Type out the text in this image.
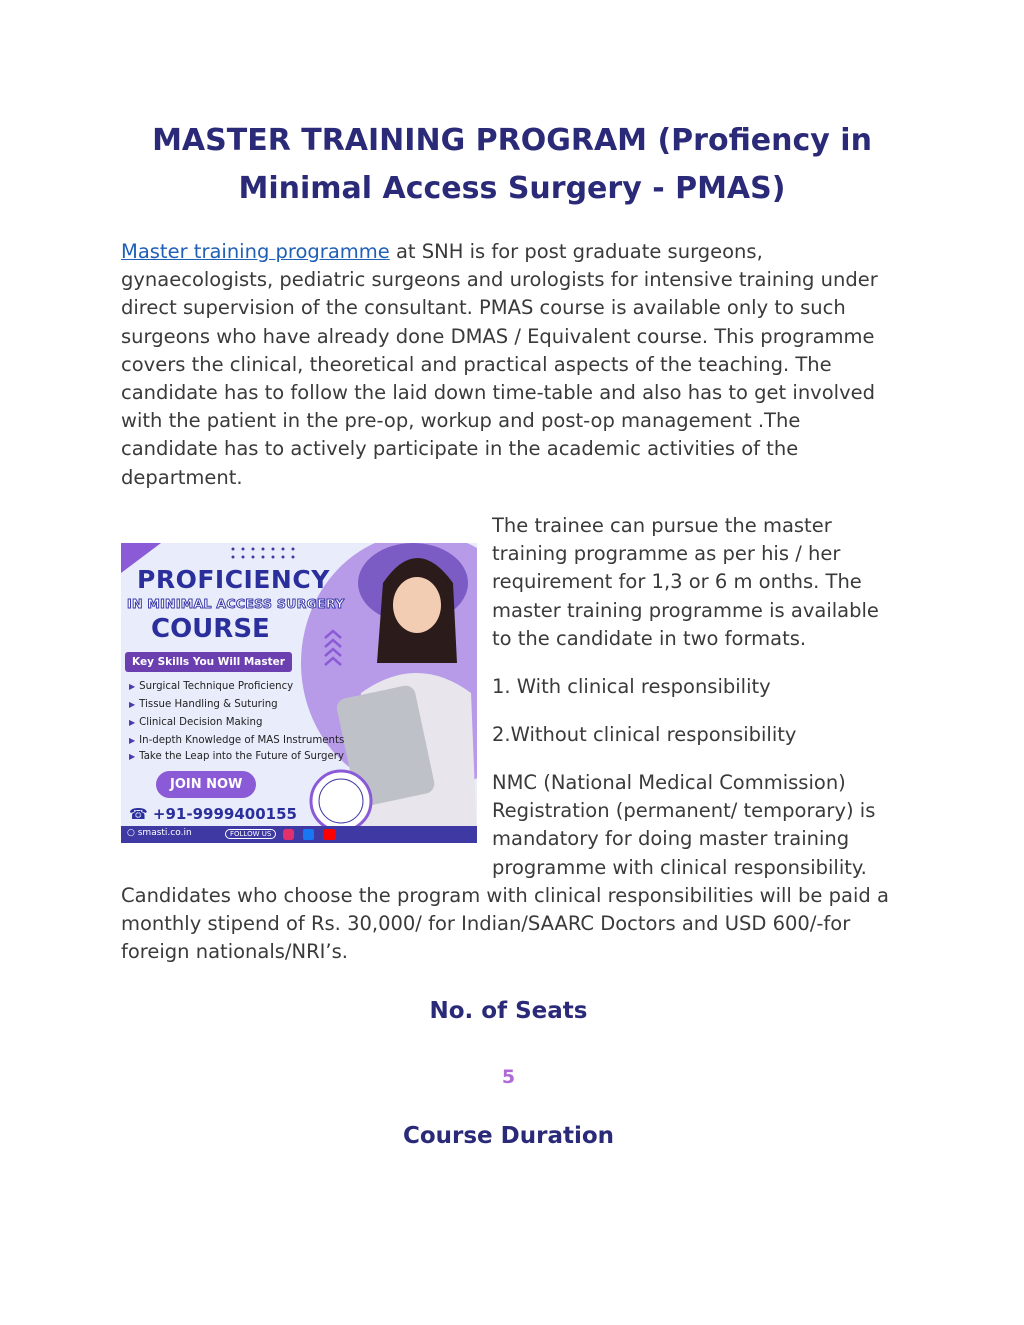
MASTER TRAINING PROGRAM (Profiency in Minimal Access Surgery - PMAS)

Master training programme at SNH is for post graduate surgeons, gynaecologists, pediatric surgeons and urologists for intensive training under direct supervision of the consultant. PMAS course is available only to such surgeons who have already done DMAS / Equivalent course. This programme covers the clinical, theoretical and practical aspects of the teaching. The candidate has to follow the laid down time-table and also has to get involved with the patient in the pre-op, workup and post-op management .The candidate has to actively participate in the academic activities of the department.

PROFICIENCY
IN MINIMAL ACCESS SURGERY
COURSE
Key Skills You Will Master
▶ Surgical Technique Proficiency
▶ Tissue Handling & Suturing
▶ Clinical Decision Making
▶ In-depth Knowledge of MAS Instruments
▶ Take the Leap into the Future of Surgery
JOIN NOW
☎ +91-9999400155
○ smasti.co.in	FOLLOW US

The trainee can pursue the master training programme as per his / her requirement for 1,3 or 6 m onths. The master training programme is available to the candidate in two formats.

1. With clinical responsibility

2.Without clinical responsibility

NMC (National Medical Commission) Registration (permanent/ temporary) is mandatory for doing master training programme with clinical responsibility.

Candidates who choose the program with clinical responsibilities will be paid a monthly stipend of Rs. 30,000/ for Indian/SAARC Doctors and USD 600/-for foreign nationals/NRI’s.

No. of Seats
5
Course Duration
